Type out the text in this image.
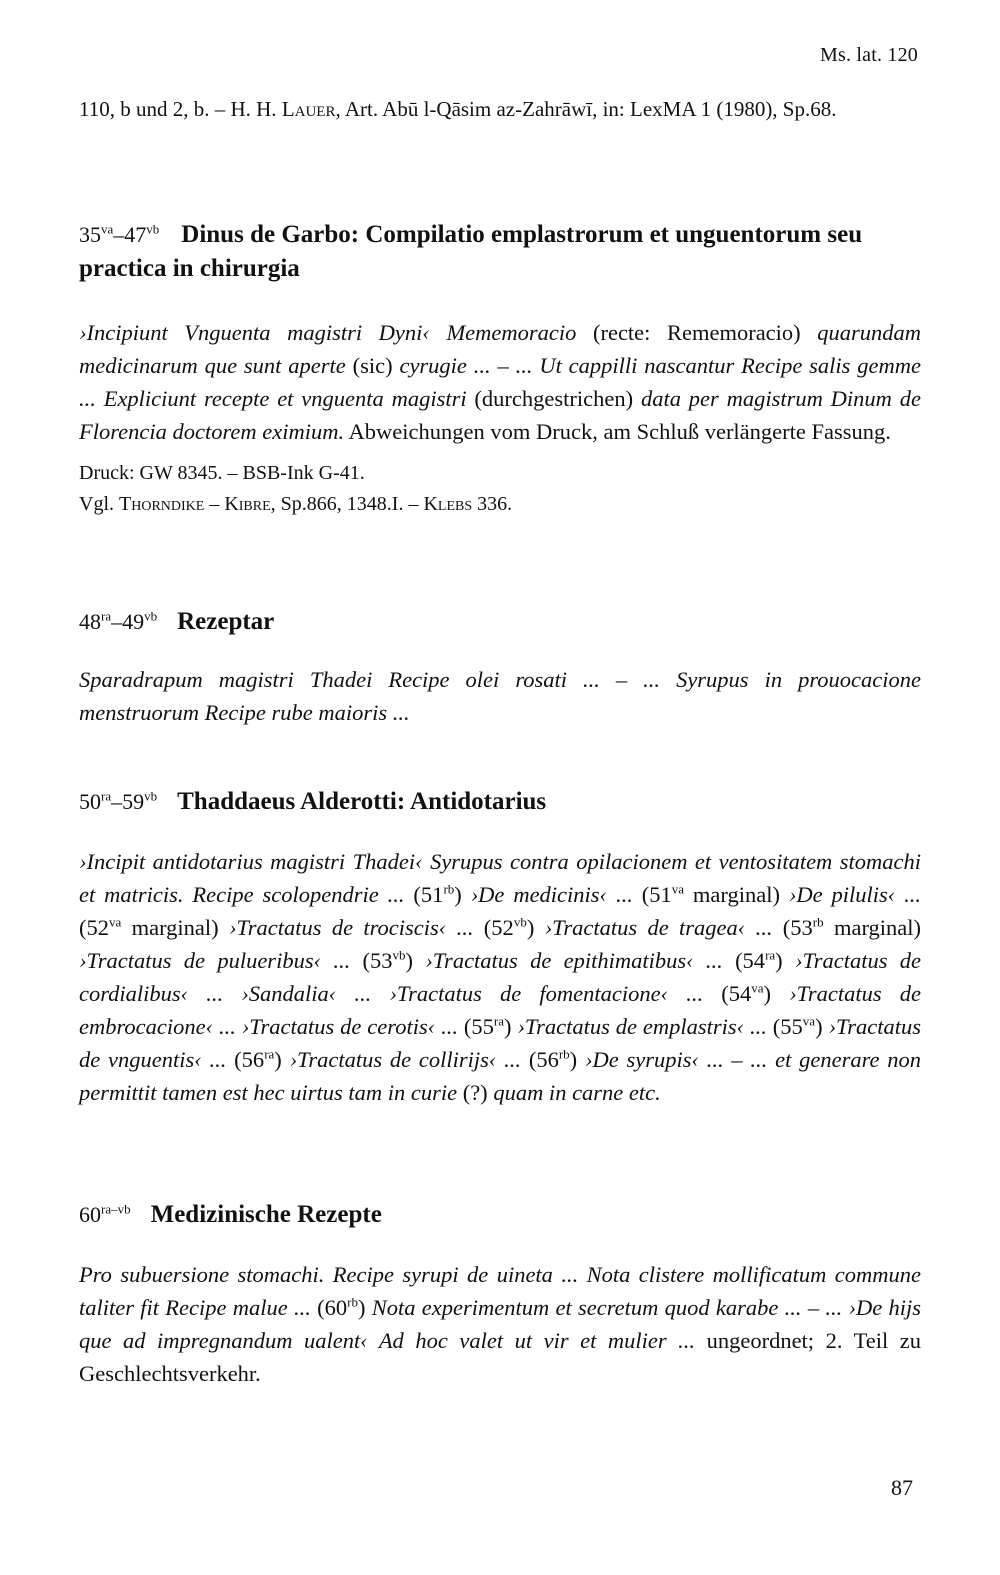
Ms. lat. 120

110, b und 2, b. – H. H. Lauer, Art. Abū l-Qāsim az-Zahrāwī, in: LexMA 1 (1980), Sp.68.

$35^{va}-47^{vb}$ Dinus de Garbo: Compilatio emplastrorum et unguentorum seu practica in chirurgia

›Incipiunt Vnguenta magistri Dyni‹ Mememoracio (recte: Rememoracio) quarundam medicinarum que sunt aperte (sic) cyrugie ... – ... Ut cappilli nascantur Recipe salis gemme ... Expliciunt recepte et vnguenta magistri (durchgestrichen) data per magistrum Dinum de Florencia doctorem eximium. Abweichungen vom Druck, am Schluß verlängerte Fassung.

Druck: GW 8345. – BSB-Ink G-41.

Vgl. Thorndike – Kibre, Sp.866, 1348.I. – Klebs 336.

$48^{ra}-49^{vb}$ Rezeptar

Sparadrapum magistri Thadei Recipe olei rosati ... – ... Syrupus in prouocacione menstruorum Recipe rube maioris ...

$50^{ra}-59^{vb}$ Thaddaeus Alderotti: Antidotarius

›Incipit antidotarius magistri Thadei‹ Syrupus contra opilacionem et ventositatem stomachi et matricis. Recipe scolopendrie ... $(51^{rb})$ ›De medicinis‹ ... ($51^{va}$ marginal) ›De pilulis‹ ... ($52^{va}$ marginal) ›Tractatus de trociscis‹ ... $(52^{vb})$ ›Tractatus de tragea‹ ... ($53^{rb}$ marginal) ›Tractatus de pulueribus‹ ... $(53^{vb})$ ›Tractatus de epithimatibus‹ ... $(54^{ra})$ ›Tractatus de cordialibus‹ ... ›Sandalia‹ ... ›Tractatus de fomentacione‹ ... $(54^{va})$ ›Tractatus de embrocacione‹ ... ›Tractatus de cerotis‹ ... $(55^{ra})$ ›Tractatus de emplastris‹ ... $(55^{va})$ ›Tractatus de vnguentis‹ ... $(56^{ra})$ ›Tractatus de collirijs‹ ... $(56^{rb})$ ›De syrupis‹ ... – ... et generare non permittit tamen est hec uirtus tam in curie (?) quam in carne etc.

$60^{ra-vb}$ Medizinische Rezepte

Pro subuersione stomachi. Recipe syrupi de uineta ... Nota clistere mollificatum commune taliter fit Recipe malue ... $(60^{rb})$ Nota experimentum et secretum quod karabe ... – ... ›De hijs que ad impregnandum ualent‹ Ad hoc valet ut vir et mulier ... ungeordnet; 2. Teil zu Geschlechtsverkehr.

87
